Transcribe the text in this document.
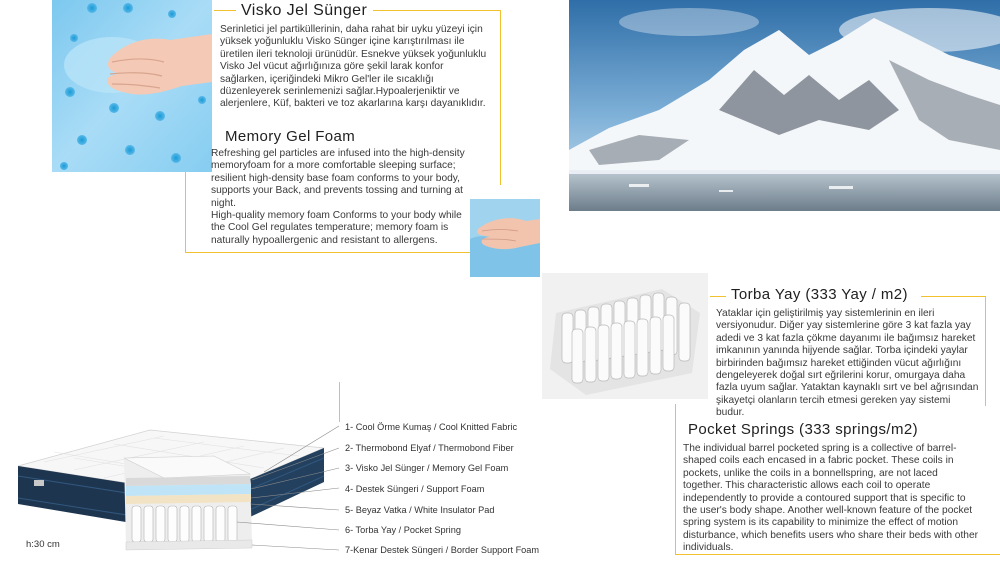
Visko Jel Sünger
Serinletici jel partiküllerinin, daha rahat bir uyku yüzeyi için yüksek yoğunluklu Visko Sünger içine karıştırılması ile üretilen ileri teknoloji ürünüdür. Esnekve yüksek yoğunluklu Visko Jel vücut ağırlığınıza göre şekil larak konfor sağlarken, içeriğindeki Mikro Gel'ler ile sıcaklığı düzenleyerek serinlemenizi sağlar.Hypoalerjeniktir ve alerjenlere, Küf, bakteri ve toz akarlarına karşı dayanıklıdır.
Memory Gel Foam

Refreshing gel particles are infused into the high-density memoryfoam for a more comfortable sleeping surface; resilient high-density base foam conforms to your body, supports your Back, and prevents tossing and turning at night.

High-quality memory foam Conforms to your body while the Cool Gel regulates temperature; memory foam is naturally hypoallergenic and resistant to allergens.

Torba Yay (333 Yay / m2)
Yataklar için geliştirilmiş yay sistemlerinin en ileri versiyonudur. Diğer yay sistemlerine göre 3 kat fazla yay adedi ve 3 kat fazla çökme dayanımı ile bağımsız hareket imkanının yanında hijyende sağlar. Torba içindeki yaylar birbirinden bağımsız hareket ettiğinden vücut ağırlığını dengeleyerek doğal sırt eğrilerini korur, omurgaya daha fazla uyum sağlar. Yataktan kaynaklı sırt ve bel ağrısından şikayetçi olanların tercih etmesi gereken yay sistemi budur.
Pocket Springs (333 springs/m2)
The individual barrel pocketed spring is a collective of barrel-shaped coils each encased in a fabric pocket. These coils in pockets, unlike the coils in a bonnellspring, are not laced together. This characteristic allows each coil to operate independently to provide a contoured support that is specific to the user's body shape. Another well-known feature of the pocket spring system is its capability to minimize the effect of motion disturbance, which benefits users who share their beds with other individuals.
h:30 cm
1- Cool Örme Kumaş / Cool Knitted Fabric
2- Thermobond Elyaf / Thermobond Fiber
3- Visko Jel Sünger / Memory Gel Foam
4- Destek Süngeri / Support Foam
5- Beyaz Vatka / White Insulator Pad
6- Torba Yay / Pocket Spring
7-Kenar Destek Süngeri / Border Support Foam
